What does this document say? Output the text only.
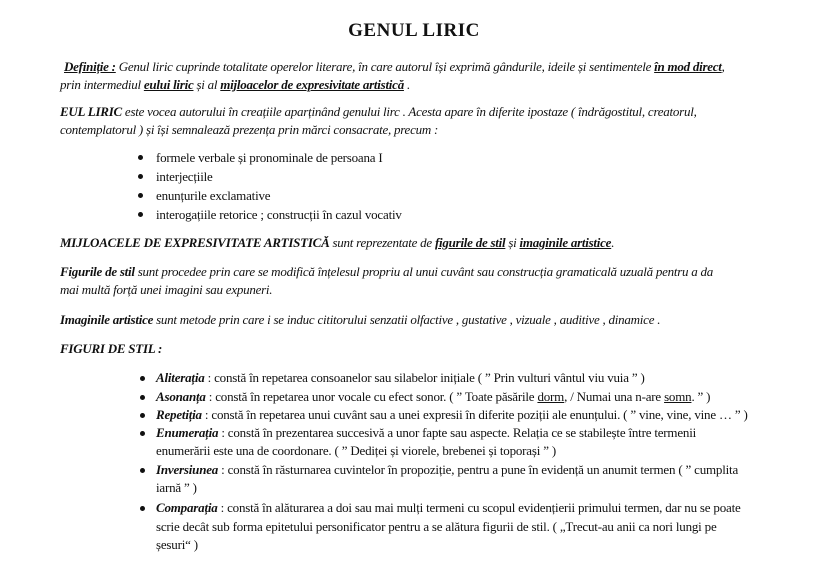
GENUL LIRIC
Definiție : Genul liric cuprinde totalitate operelor literare, în care autorul își exprimă gândurile, ideile și sentimentele în mod direct,
prin intermediul eului liric și al mijloacelor de expresivitate artistică .
EUL LIRIC este vocea autorului în creațiile aparținând genului lirc . Acesta apare în diferite ipostaze ( îndrăgostitul, creatorul,
contemplatorul ) și își semnalează prezența prin mărci consacrate, precum :
formele verbale și pronominale de persoana I
interjecțiile
enunțurile exclamative
interogațiile retorice ; construcții în cazul vocativ
MIJLOACELE DE EXPRESIVITATE ARTISTICĂ sunt reprezentate de figurile de stil și imaginile artistice.
Figurile de stil sunt procedee prin care se modifică înțelesul propriu al unui cuvânt sau construcția gramaticală uzuală pentru a da
mai multă forță unei imagini sau expuneri.
Imaginile artistice sunt metode prin care i se induc cititorului senzatii olfactive , gustative , vizuale , auditive , dinamice .
FIGURI DE STIL :
Aliterația : constă în repetarea consoanelor sau silabelor inițiale ( ” Prin vulturi vântul viu vuia ” )
Asonanța : constă în repetarea unor vocale cu efect sonor. ( ” Toate păsările dorm, / Numai una n-are somn. ” )
Repetiția : constă în repetarea unui cuvânt sau a unei expresii în diferite poziții ale enunțului. ( ” vine, vine, vine … ” )
Enumerația : constă în prezentarea succesivă a unor fapte sau aspecte. Relația ce se stabilește între termenii
enumerării este una de coordonare. ( ” Dedițeі și viorele, brebenei și toporași ” )
Inversiunea : constă în răsturnarea cuvintelor în propoziție, pentru a pune în evidență un anumit termen ( ” cumplita
iarnă ” )
Comparația : constă în alăturarea a doi sau mai mulți termeni cu scopul evidențierii primului termen, dar nu se poate
scrie decât sub forma epitetului personificator pentru a se alătura figurii de stil. ( „Trecut-au anii ca nori lungi pe
șesuri“ )
